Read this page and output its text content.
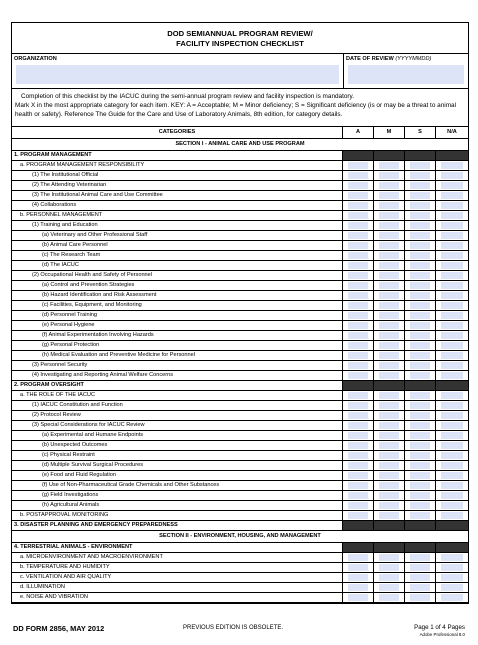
DOD SEMIANNUAL PROGRAM REVIEW/
FACILITY INSPECTION CHECKLIST
ORGANIZATION	DATE OF REVIEW (YYYYMMDD)

Completion of this checklist by the IACUC during the semi-annual program review and facility inspection is mandatory.

Mark X in the most appropriate category for each item. KEY: A = Acceptable; M = Minor deficiency; S = Significant deficiency (is or may be a threat to animal health or safety). Reference The Guide for the Care and Use of Laboratory Animals, 8th edition, for category details.

CATEGORIES	A	M	S	N/A
SECTION I - ANIMAL CARE AND USE PROGRAM
1. PROGRAM MANAGEMENT
a. PROGRAM MANAGEMENT RESPONSIBILITY
(1) The Institutional Official
(2) The Attending Veterinarian
(3) The Institutional Animal Care and Use Committee
(4) Collaborations
b. PERSONNEL MANAGEMENT
(1) Training and Education
(a) Veterinary and Other Professional Staff
(b) Animal Care Personnel
(c) The Research Team
(d) The IACUC
(2) Occupational Health and Safety of Personnel
(a) Control and Prevention Strategies
(b) Hazard Identification and Risk Assessment
(c) Facilities, Equipment, and Monitoring
(d) Personnel Training
(e) Personal Hygiene
(f) Animal Experimentation Involving Hazards
(g) Personal Protection
(h) Medical Evaluation and Preventive Medicine for Personnel
(3) Personnel Security
(4) Investigating and Reporting Animal Welfare Concerns
2. PROGRAM OVERSIGHT
a. THE ROLE OF THE IACUC
(1) IACUC Constitution and Function
(2) Protocol Review
(3) Special Considerations for IACUC Review
(a) Experimental and Humane Endpoints
(b) Unexpected Outcomes
(c) Physical Restraint
(d) Multiple Survival Surgical Procedures
(e) Food and Fluid Regulation
(f) Use of Non-Pharmaceutical Grade Chemicals and Other Substances
(g) Field Investigations
(h) Agricultural Animals
b. POSTAPPROVAL MONITORING
3. DISASTER PLANNING AND EMERGENCY PREPAREDNESS
SECTION II - ENVIRONMENT, HOUSING, AND MANAGEMENT
4. TERRESTRIAL ANIMALS - ENVIRONMENT
a. MICROENVIRONMENT AND MACROENVIRONMENT
b. TEMPERATURE AND HUMIDITY
c. VENTILATION AND AIR QUALITY
d. ILLUMINATION
e. NOISE AND VIBRATION
DD FORM 2856, MAY 2012	PREVIOUS EDITION IS OBSOLETE.	Page 1 of 4 Pages
Adobe Professional 8.0
